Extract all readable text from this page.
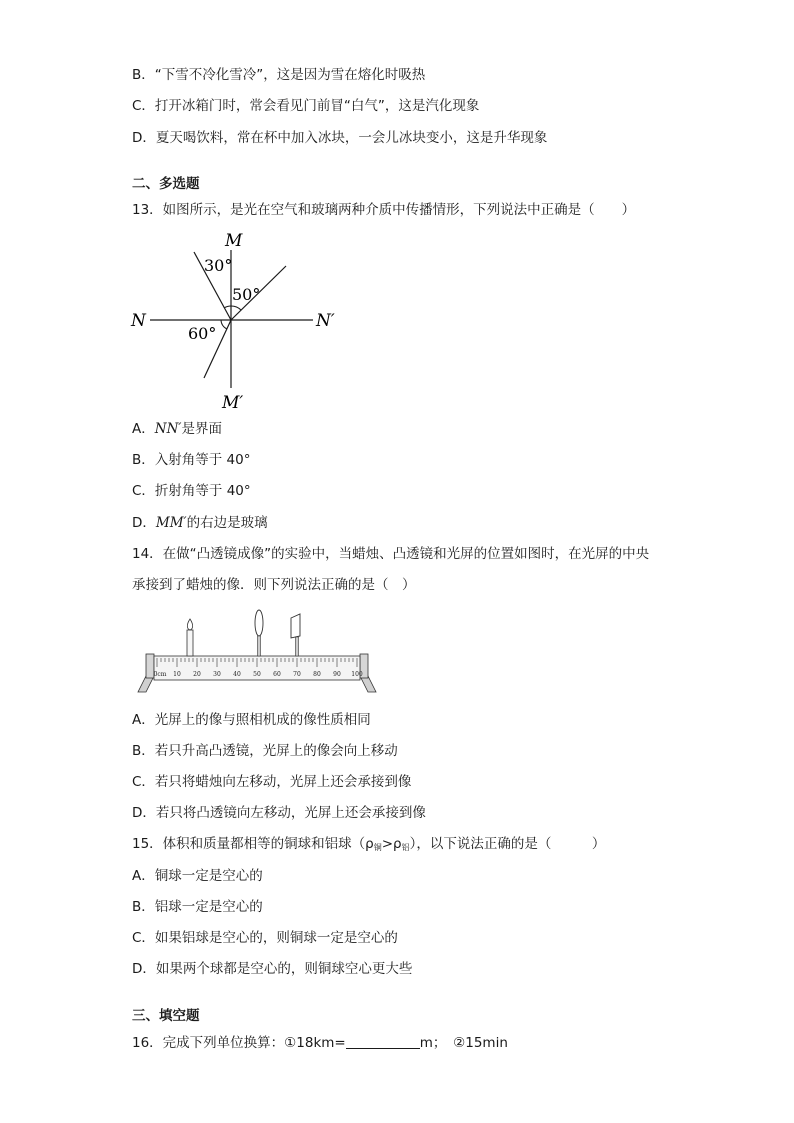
B．“下雪不冷化雪冷”，这是因为雪在熔化时吸热
C．打开冰箱门时，常会看见门前冒“白气”，这是汽化现象
D．夏天喝饮料，常在杯中加入冰块，一会儿冰块变小，这是升华现象
二、多选题
13．如图所示，是光在空气和玻璃两种介质中传播情形，下列说法中正确是（　　）
M
M′
N	N′
30°
50°
60°
A．NN′是界面
B．入射角等于 40°
C．折射角等于 40°
D．MM′的右边是玻璃
14．在做“凸透镜成像”的实验中，当蜡烛、凸透镜和光屏的位置如图时，在光屏的中央
承接到了蜡烛的像．则下列说法正确的是（　）
0cm 10 20 30 40 50 60 70 80 90 100
A．光屏上的像与照相机成的像性质相同
B．若只升高凸透镜，光屏上的像会向上移动
C．若只将蜡烛向左移动，光屏上还会承接到像
D．若只将凸透镜向左移动，光屏上还会承接到像
15．体积和质量都相等的铜球和铝球$(\rho_铜>\rho_铝)$，以下说法正确的是（　　　）
A．铜球一定是空心的
B．铝球一定是空心的
C．如果铝球是空心的，则铜球一定是空心的
D．如果两个球都是空心的，则铜球空心更大些
三、填空题
16．完成下列单位换算：①18km=	m；　②15min
